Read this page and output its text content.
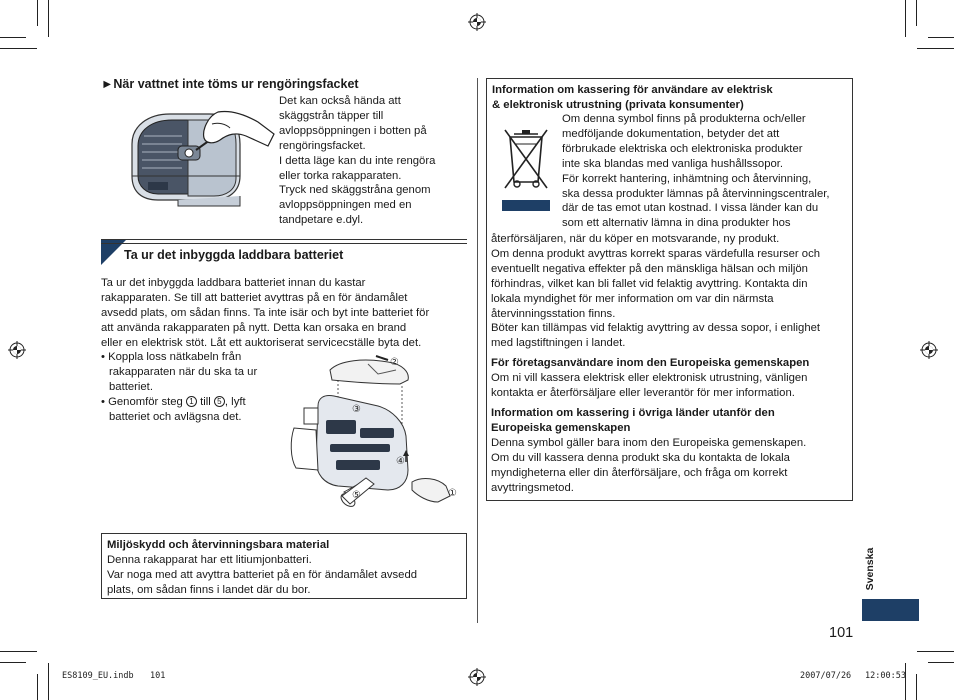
►När vattnet inte töms ur rengöringsfacket
Det kan också hända att
skäggstrån täpper till
avloppsöppningen i botten på
rengöringsfacket.
I detta läge kan du inte rengöra
eller torka rakapparaten.
Tryck ned skäggstråna genom
avloppsöppningen med en
tandpetare e.dyl.
Ta ur det inbyggda laddbara batteriet
Ta ur det inbyggda laddbara batteriet innan du kastar
rakapparaten. Se till att batteriet avyttras på en för ändamålet
avsedd plats, om sådan finns. Ta inte isär och byt inte batteriet för
att använda rakapparaten på nytt. Detta kan orsaka en brand
eller en elektrisk stöt. Låt ett auktoriserat servicecställe byta det.
• Koppla loss nätkabeln från
rakapparaten när du ska ta ur
batteriet.
• Genomför steg 1 till 5 , lyft
batteriet och avlägsna det.
②
③
④
⑤	①
Miljöskydd och återvinningsbara material
Denna rakapparat har ett litiumjonbatteri.
Var noga med att avyttra batteriet på en för ändamålet avsedd
plats, om sådan finns i landet där du bor.
Information om kassering för användare av elektrisk
& elektronisk utrustning (privata konsumenter)
Om denna symbol finns på produkterna och/eller
medföljande dokumentation, betyder det att
förbrukade elektriska och elektroniska produkter
inte ska blandas med vanliga hushållssopor.
För korrekt hantering, inhämtning och återvinning,
ska dessa produkter lämnas på återvinningscentraler,
där de tas emot utan kostnad. I vissa länder kan du
som ett alternativ lämna in dina produkter hos
återförsäljaren, när du köper en motsvarande, ny produkt.
Om denna produkt avyttras korrekt sparas värdefulla resurser och
eventuellt negativa effekter på den mänskliga hälsan och miljön
förhindras, vilket kan bli fallet vid felaktig avyttring. Kontakta din
lokala myndighet för mer information om var din närmsta
återvinningsstation finns.
Böter kan tillämpas vid felaktig avyttring av dessa sopor, i enlighet
med lagstiftningen i landet.
För företagsanvändare inom den Europeiska gemenskapen
Om ni vill kassera elektrisk eller elektronisk utrustning, vänligen
kontakta er återförsäljare eller leverantör för mer information.
Information om kassering i övriga länder utanför den
Europeiska gemenskapen
Denna symbol gäller bara inom den Europeiska gemenskapen.
Om du vill kassera denna produkt ska du kontakta de lokala
myndigheterna eller din återförsäljare, och fråga om korrekt
avyttringsmetod.
Svenska
101
ES8109_EU.indb 101	2007/07/26 12:00:53
